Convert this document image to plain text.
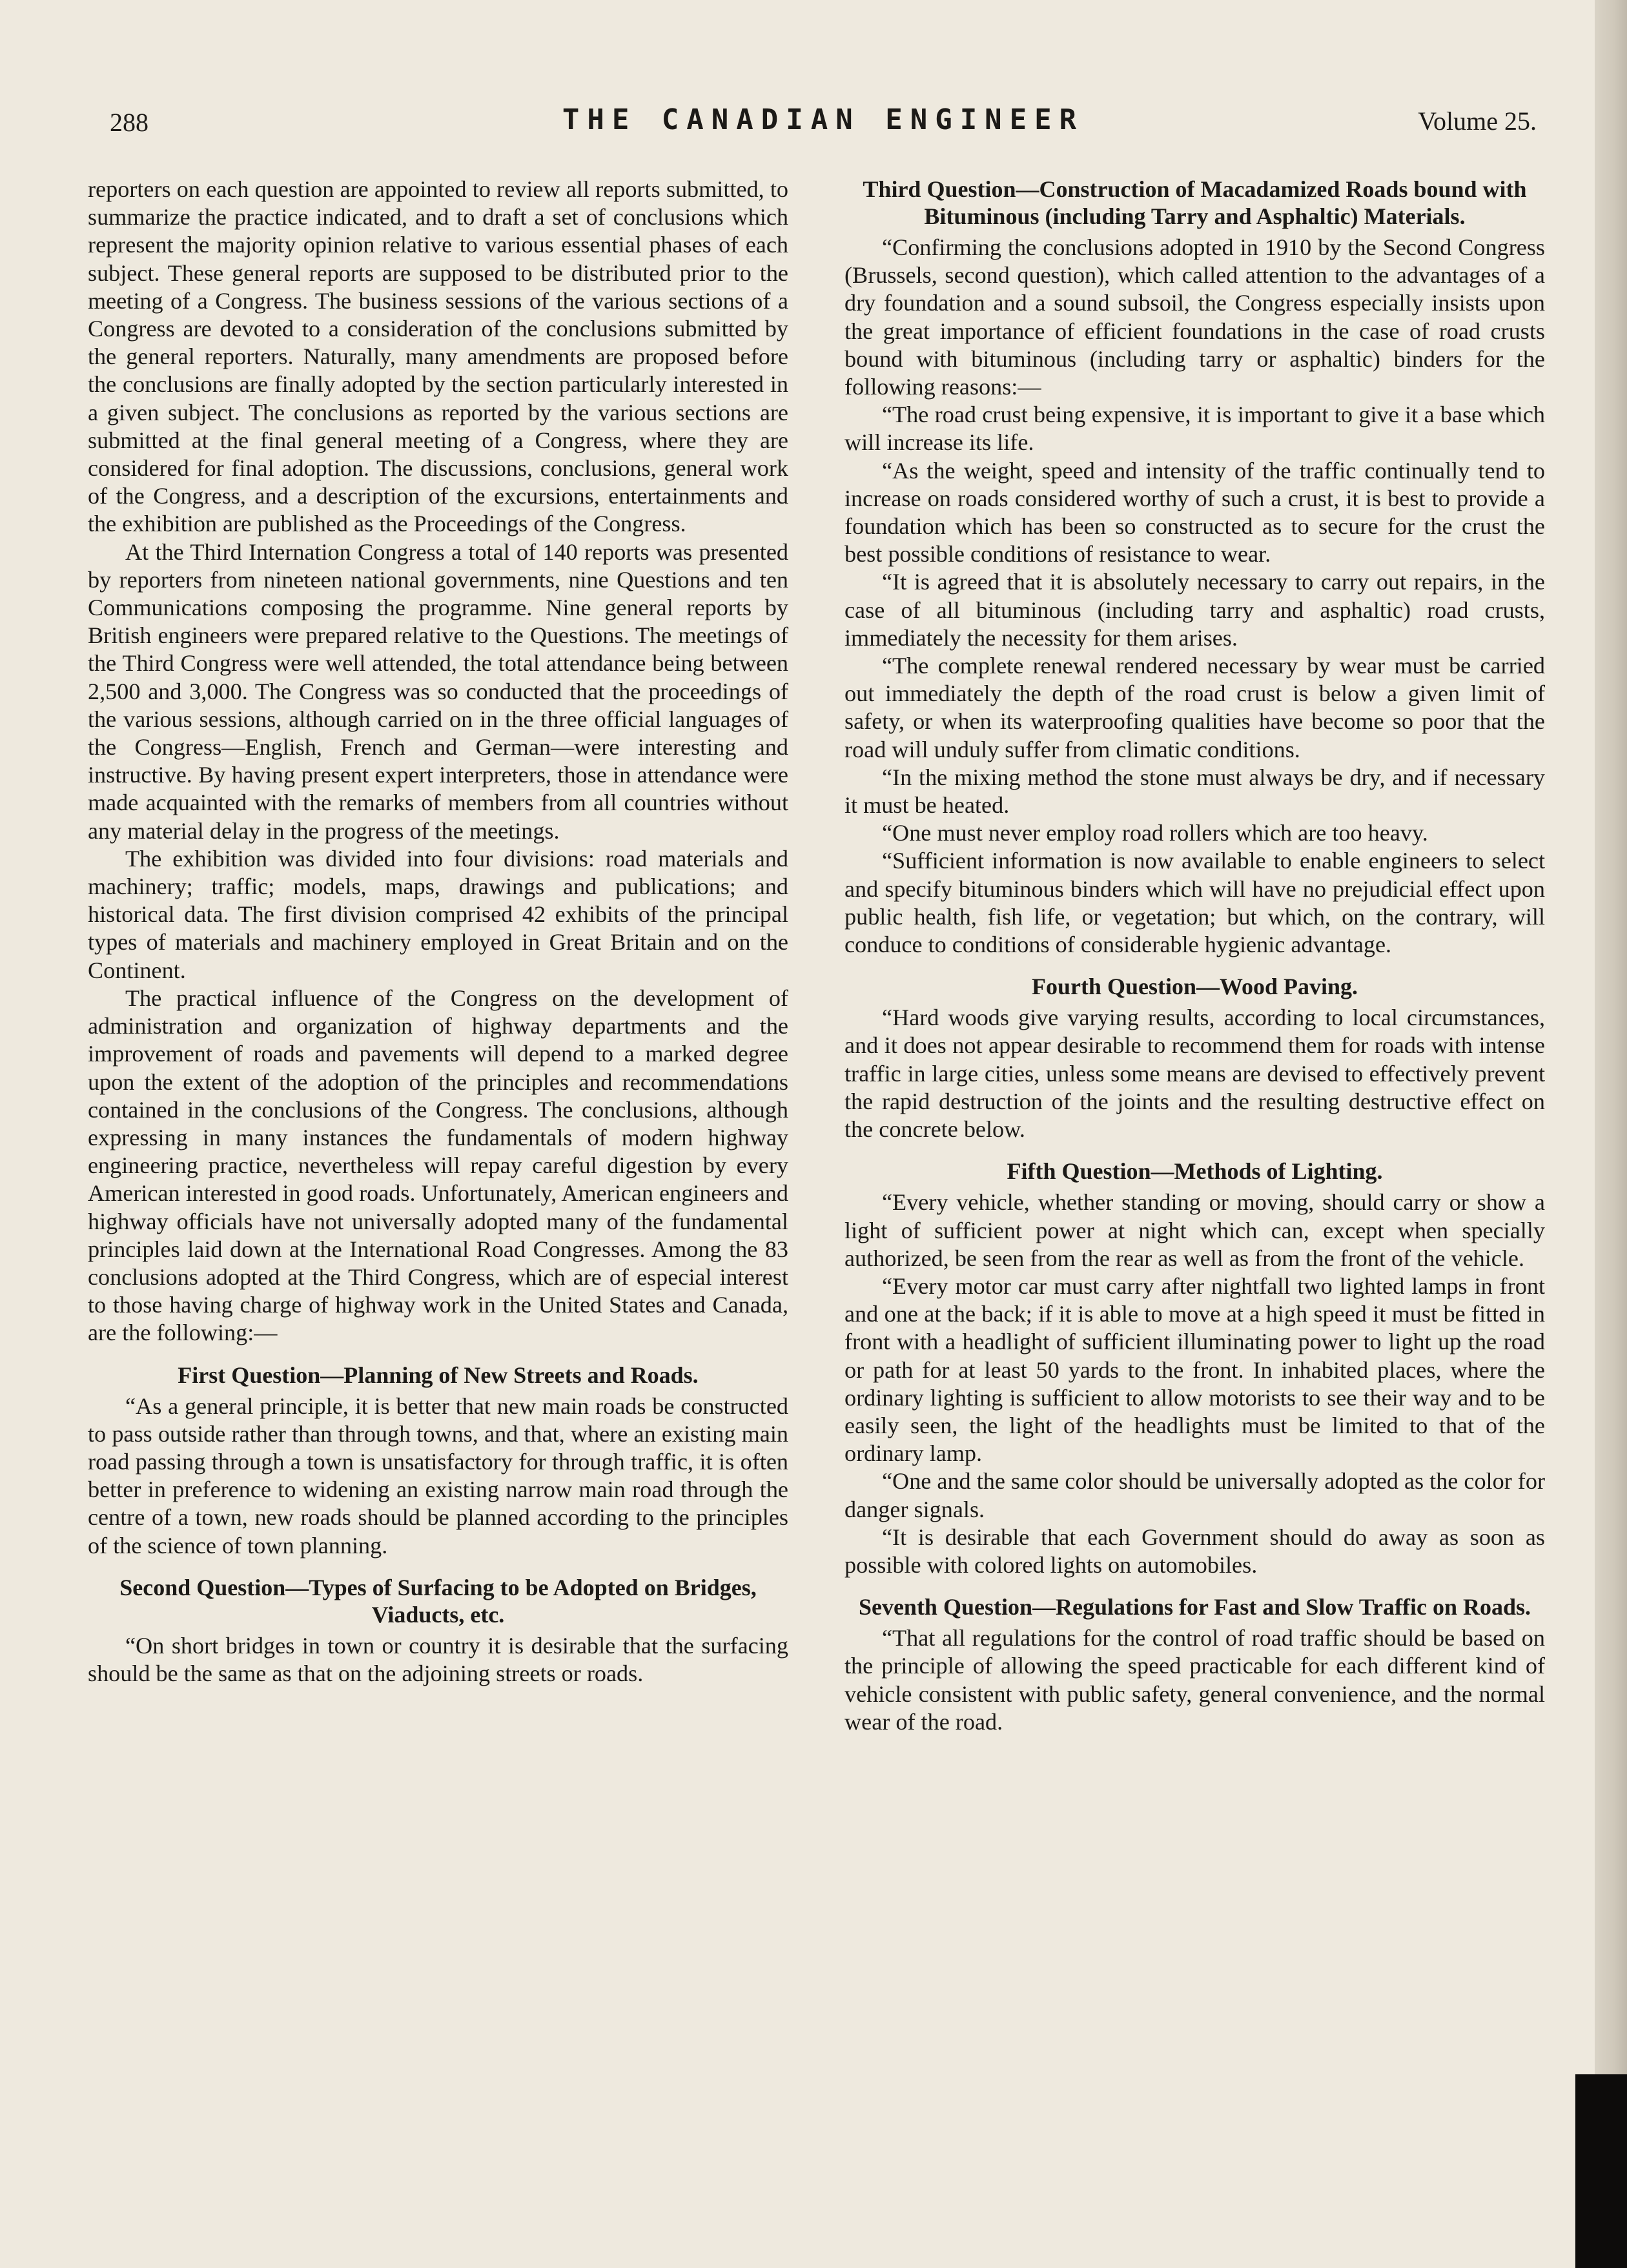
288	THE CANADIAN ENGINEER	Volume 25.

reporters on each question are appointed to review all reports submitted, to summarize the practice indicated, and to draft a set of conclusions which represent the majority opinion relative to various essential phases of each subject. These general reports are supposed to be distributed prior to the meeting of a Congress. The business sessions of the various sections of a Congress are devoted to a consideration of the conclusions submitted by the general reporters. Naturally, many amendments are proposed before the conclusions are finally adopted by the section particularly interested in a given subject. The conclusions as reported by the various sections are submitted at the final general meeting of a Congress, where they are considered for final adoption. The discussions, conclusions, general work of the Congress, and a description of the excursions, entertainments and the exhibition are published as the Proceedings of the Congress.

At the Third Internation Congress a total of 140 reports was presented by reporters from nineteen national governments, nine Questions and ten Communications composing the programme. Nine general reports by British engineers were prepared relative to the Questions. The meetings of the Third Congress were well attended, the total attendance being between 2,500 and 3,000. The Congress was so conducted that the proceedings of the various sessions, although carried on in the three official languages of the Congress—English, French and German—were interesting and instructive. By having present expert interpreters, those in attendance were made acquainted with the remarks of members from all countries without any material delay in the progress of the meetings.

The exhibition was divided into four divisions: road materials and machinery; traffic; models, maps, drawings and publications; and historical data. The first division comprised 42 exhibits of the principal types of materials and machinery employed in Great Britain and on the Continent.

The practical influence of the Congress on the development of administration and organization of highway departments and the improvement of roads and pavements will depend to a marked degree upon the extent of the adoption of the principles and recommendations contained in the conclusions of the Congress. The conclusions, although expressing in many instances the fundamentals of modern highway engineering practice, nevertheless will repay careful digestion by every American interested in good roads. Unfortunately, American engineers and highway officials have not universally adopted many of the fundamental principles laid down at the International Road Congresses. Among the 83 conclusions adopted at the Third Congress, which are of especial interest to those having charge of highway work in the United States and Canada, are the following:—

First Question—Planning of New Streets and Roads.

“As a general principle, it is better that new main roads be constructed to pass outside rather than through towns, and that, where an existing main road passing through a town is unsatisfactory for through traffic, it is often better in preference to widening an existing narrow main road through the centre of a town, new roads should be planned according to the principles of the science of town planning.

Second Question—Types of Surfacing to be Adopted on Bridges, Viaducts, etc.

“On short bridges in town or country it is desirable that the surfacing should be the same as that on the adjoining streets or roads.

Third Question—Construction of Macadamized Roads bound with Bituminous (including Tarry and Asphaltic) Materials.

“Confirming the conclusions adopted in 1910 by the Second Congress (Brussels, second question), which called attention to the advantages of a dry foundation and a sound subsoil, the Congress especially insists upon the great importance of efficient foundations in the case of road crusts bound with bituminous (including tarry or asphaltic) binders for the following reasons:—

“The road crust being expensive, it is important to give it a base which will increase its life.

“As the weight, speed and intensity of the traffic continually tend to increase on roads considered worthy of such a crust, it is best to provide a foundation which has been so constructed as to secure for the crust the best possible conditions of resistance to wear.

“It is agreed that it is absolutely necessary to carry out repairs, in the case of all bituminous (including tarry and asphaltic) road crusts, immediately the necessity for them arises.

“The complete renewal rendered necessary by wear must be carried out immediately the depth of the road crust is below a given limit of safety, or when its waterproofing qualities have become so poor that the road will unduly suffer from climatic conditions.

“In the mixing method the stone must always be dry, and if necessary it must be heated.

“One must never employ road rollers which are too heavy.

“Sufficient information is now available to enable engineers to select and specify bituminous binders which will have no prejudicial effect upon public health, fish life, or vegetation; but which, on the contrary, will conduce to conditions of considerable hygienic advantage.

Fourth Question—Wood Paving.

“Hard woods give varying results, according to local circumstances, and it does not appear desirable to recommend them for roads with intense traffic in large cities, unless some means are devised to effectively prevent the rapid destruction of the joints and the resulting destructive effect on the concrete below.

Fifth Question—Methods of Lighting.

“Every vehicle, whether standing or moving, should carry or show a light of sufficient power at night which can, except when specially authorized, be seen from the rear as well as from the front of the vehicle.

“Every motor car must carry after nightfall two lighted lamps in front and one at the back; if it is able to move at a high speed it must be fitted in front with a headlight of sufficient illuminating power to light up the road or path for at least 50 yards to the front. In inhabited places, where the ordinary lighting is sufficient to allow motorists to see their way and to be easily seen, the light of the headlights must be limited to that of the ordinary lamp.

“One and the same color should be universally adopted as the color for danger signals.

“It is desirable that each Government should do away as soon as possible with colored lights on automobiles.

Seventh Question—Regulations for Fast and Slow Traffic on Roads.

“That all regulations for the control of road traffic should be based on the principle of allowing the speed practicable for each different kind of vehicle consistent with public safety, general convenience, and the normal wear of the road.
